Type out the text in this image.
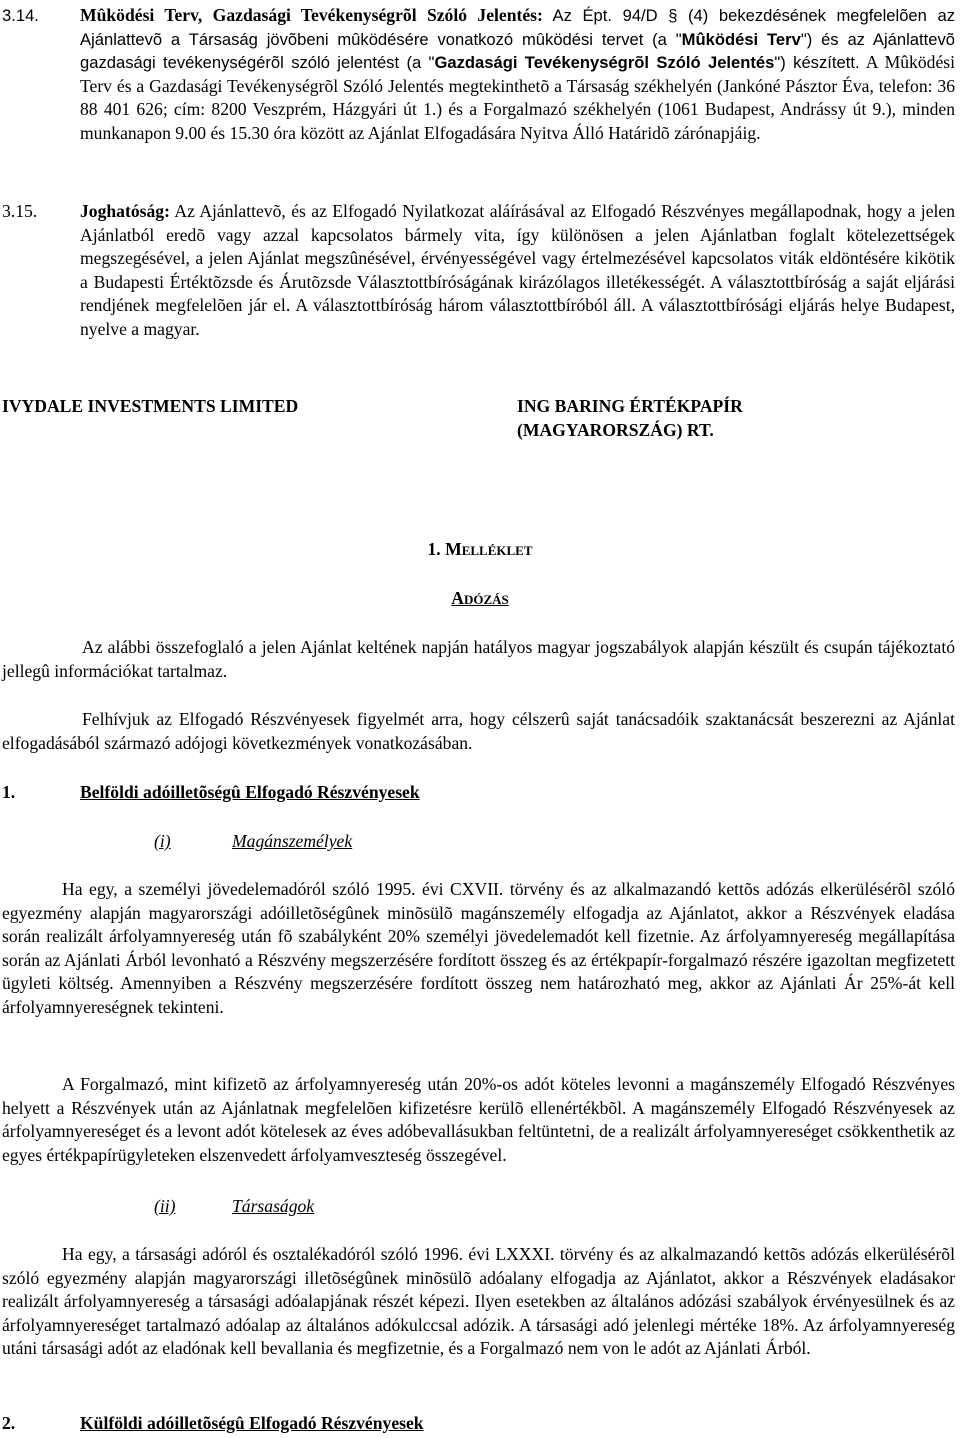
3.14. Mûködési Terv, Gazdasági Tevékenységrõl Szóló Jelentés: Az Épt. 94/D § (4) bekezdésének megfelelõen az Ajánlattevõ a Társaság jövõbeni mûködésére vonatkozó mûködési tervet (a "Mûködési Terv") és az Ajánlattevõ gazdasági tevékenységérõl szóló jelentést (a "Gazdasági Tevékenységrõl Szóló Jelentés") készített. A Mûködési Terv és a Gazdasági Tevékenységrõl Szóló Jelentés megtekinthetõ a Társaság székhelyén (Jankóné Pásztor Éva, telefon: 36 88 401 626; cím: 8200 Veszprém, Házgyári út 1.) és a Forgalmazó székhelyén (1061 Budapest, Andrássy út 9.), minden munkanapon 9.00 és 15.30 óra között az Ajánlat Elfogadására Nyitva Álló Határidõ zárónapjáig.

3.15. Joghatóság: Az Ajánlattevõ, és az Elfogadó Nyilatkozat aláírásával az Elfogadó Részvényes megállapodnak, hogy a jelen Ajánlatból eredõ vagy azzal kapcsolatos bármely vita, így különösen a jelen Ajánlatban foglalt kötelezettségek megszegésével, a jelen Ajánlat megszûnésével, érvényességével vagy értelmezésével kapcsolatos viták eldöntésére kikötik a Budapesti Értéktõzsde és Árutõzsde Választottbíróságának kirázólagos illetékességét. A választottbíróság a saját eljárási rendjének megfelelõen jár el. A választottbíróság három választottbíróból áll. A választottbírósági eljárás helye Budapest, nyelve a magyar.

IVYDALE INVESTMENTS LIMITED	ING BARING ÉRTÉKPAPÍR
(MAGYARORSZÁG) RT.
1. MELLÉKLET
ADÓZÁS

Az alábbi összefoglaló a jelen Ajánlat keltének napján hatályos magyar jogszabályok alapján készült és csupán tájékoztató jellegû információkat tartalmaz.

Felhívjuk az Elfogadó Részvényesek figyelmét arra, hogy célszerû saját tanácsadóik szaktanácsát beszerezni az Ajánlat elfogadásából származó adójogi következmények vonatkozásában.

1.	Belföldi adóilletõségû Elfogadó Részvényesek
(i)	Magánszemélyek

Ha egy, a személyi jövedelemadóról szóló 1995. évi CXVII. törvény és az alkalmazandó kettõs adózás elkerülésérõl szóló egyezmény alapján magyarországi adóilletõségûnek minõsülõ magánszemély elfogadja az Ajánlatot, akkor a Részvények eladása során realizált árfolyamnyereség után fõ szabályként 20% személyi jövedelemadót kell fizetnie. Az árfolyamnyereség megállapítása során az Ajánlati Árból levonható a Részvény megszerzésére fordított összeg és az értékpapír-forgalmazó részére igazoltan megfizetett ügyleti költség. Amennyiben a Részvény megszerzésére fordított összeg nem határozható meg, akkor az Ajánlati Ár 25%-át kell árfolyamnyereségnek tekinteni.

A Forgalmazó, mint kifizetõ az árfolyamnyereség után 20%-os adót köteles levonni a magánszemély Elfogadó Részvényes helyett a Részvények után az Ajánlatnak megfelelõen kifizetésre kerülõ ellenértékbõl. A magánszemély Elfogadó Részvényesek az árfolyamnyereséget és a levont adót kötelesek az éves adóbevallásukban feltüntetni, de a realizált árfolyamnyereséget csökkenthetik az egyes értékpapírügyleteken elszenvedett árfolyamveszteség összegével.

(ii)	Társaságok

Ha egy, a társasági adóról és osztalékadóról szóló 1996. évi LXXXI. törvény és az alkalmazandó kettõs adózás elkerülésérõl szóló egyezmény alapján magyarországi illetõségûnek minõsülõ adóalany elfogadja az Ajánlatot, akkor a Részvények eladásakor realizált árfolyamnyereség a társasági adóalapjának részét képezi. Ilyen esetekben az általános adózási szabályok érvényesülnek és az árfolyamnyereséget tartalmazó adóalap az általános adókulccsal adózik. A társasági adó jelenlegi mértéke 18%. Az árfolyamnyereség utáni társasági adót az eladónak kell bevallania és megfizetnie, és a Forgalmazó nem von le adót az Ajánlati Árból.

2.	Külföldi adóilletõségû Elfogadó Részvényesek
